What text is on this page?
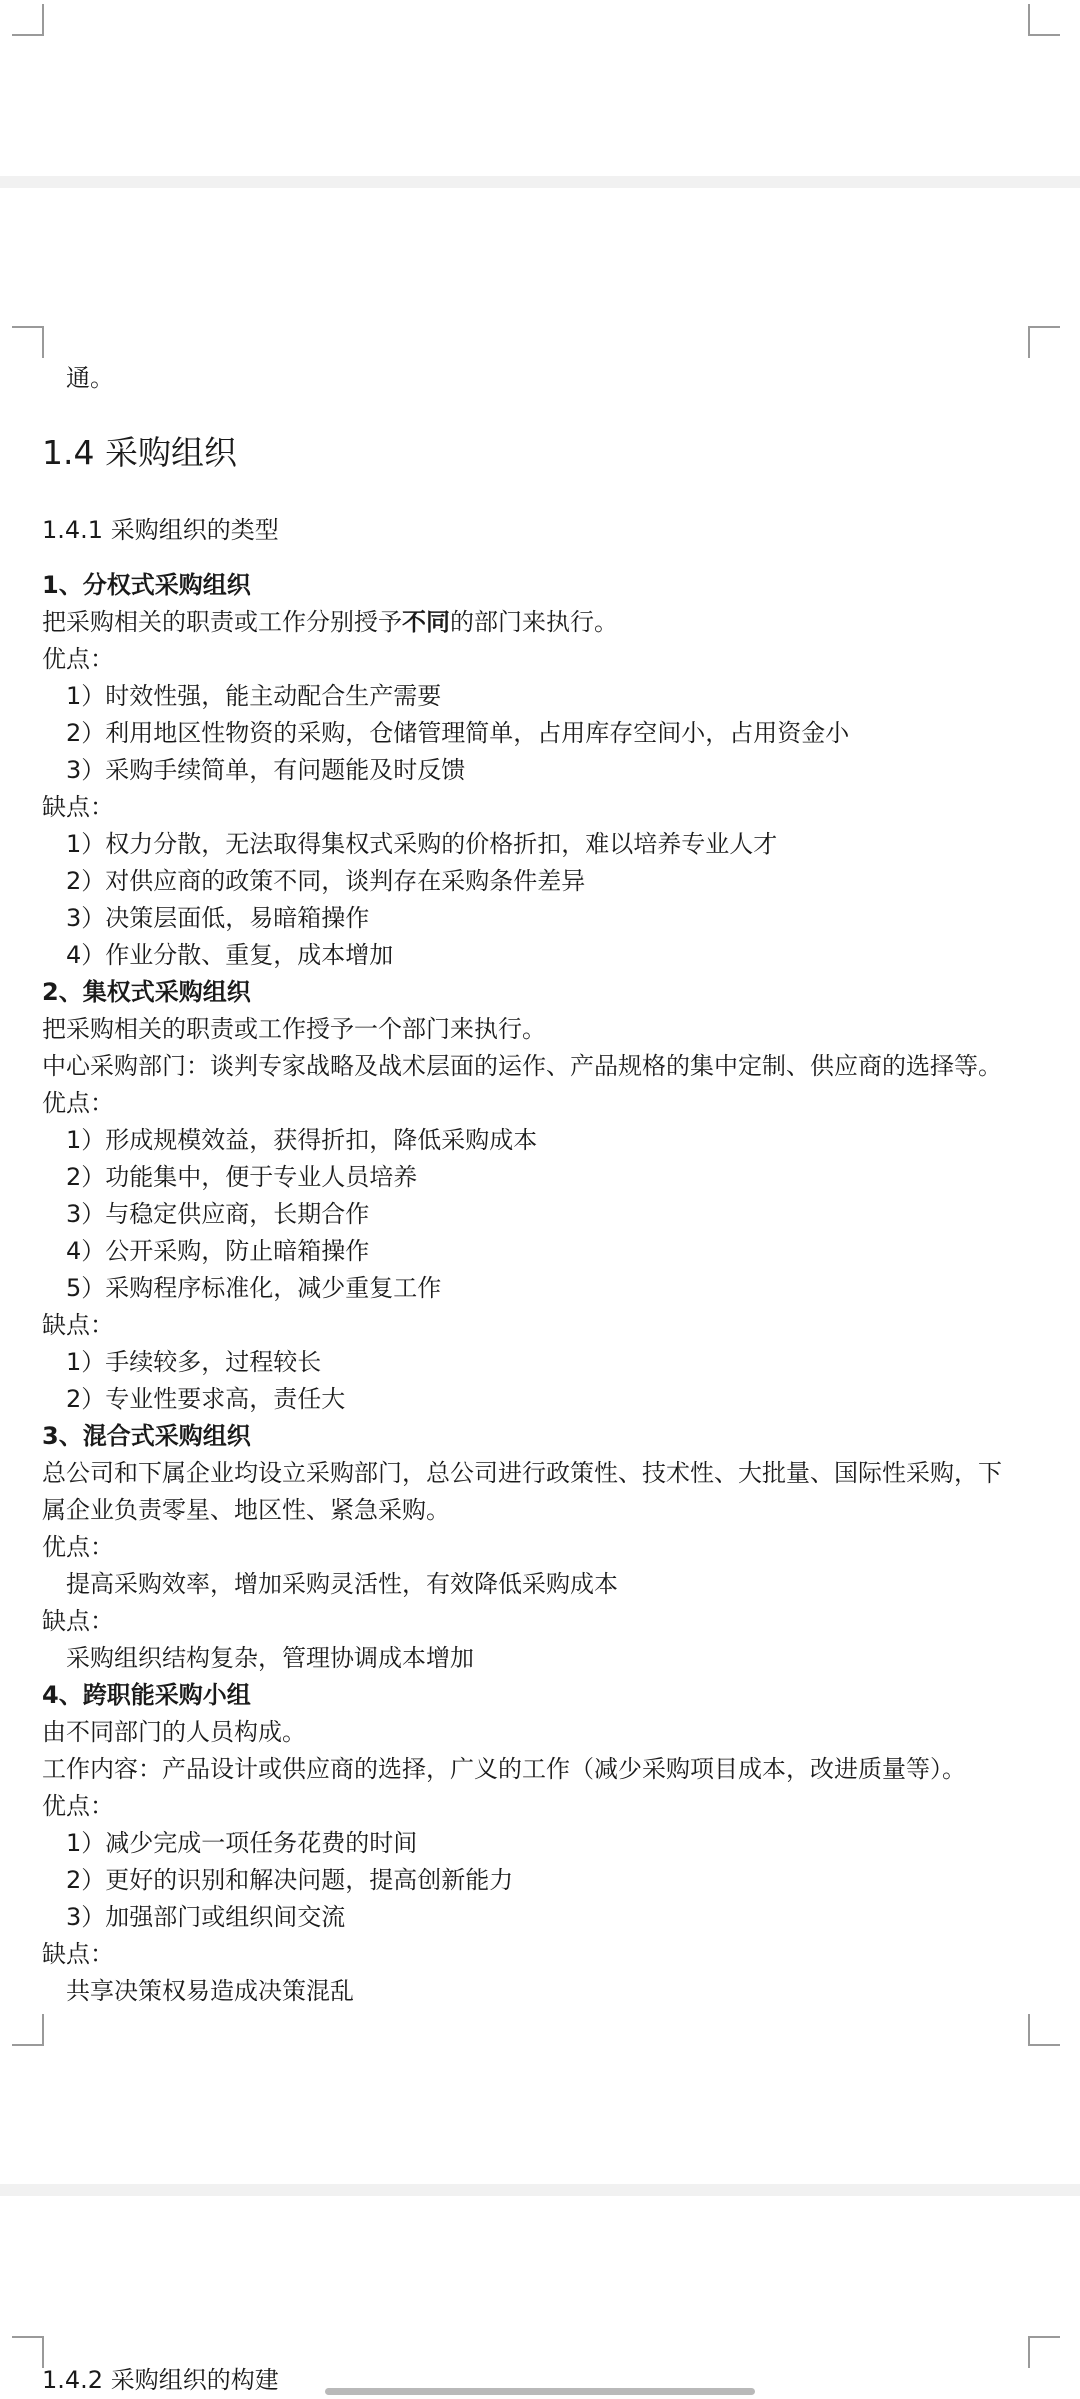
通。
1.4 采购组织
1.4.1 采购组织的类型
1、分权式采购组织
把采购相关的职责或工作分别授予不同的部门来执行。
优点：
1）时效性强，能主动配合生产需要
2）利用地区性物资的采购，仓储管理简单，占用库存空间小，占用资金小
3）采购手续简单，有问题能及时反馈
缺点：
1）权力分散，无法取得集权式采购的价格折扣，难以培养专业人才
2）对供应商的政策不同，谈判存在采购条件差异
3）决策层面低，易暗箱操作
4）作业分散、重复，成本增加
2、集权式采购组织
把采购相关的职责或工作授予一个部门来执行。
中心采购部门：谈判专家战略及战术层面的运作、产品规格的集中定制、供应商的选择等。
优点：
1）形成规模效益，获得折扣，降低采购成本
2）功能集中，便于专业人员培养
3）与稳定供应商，长期合作
4）公开采购，防止暗箱操作
5）采购程序标准化，减少重复工作
缺点：
1）手续较多，过程较长
2）专业性要求高，责任大
3、混合式采购组织
总公司和下属企业均设立采购部门，总公司进行政策性、技术性、大批量、国际性采购，下
属企业负责零星、地区性、紧急采购。
优点：
提高采购效率，增加采购灵活性，有效降低采购成本
缺点：
采购组织结构复杂，管理协调成本增加
4、跨职能采购小组
由不同部门的人员构成。
工作内容：产品设计或供应商的选择，广义的工作（减少采购项目成本，改进质量等）。
优点：
1）减少完成一项任务花费的时间
2）更好的识别和解决问题，提高创新能力
3）加强部门或组织间交流
缺点：
共享决策权易造成决策混乱
1.4.2 采购组织的构建
